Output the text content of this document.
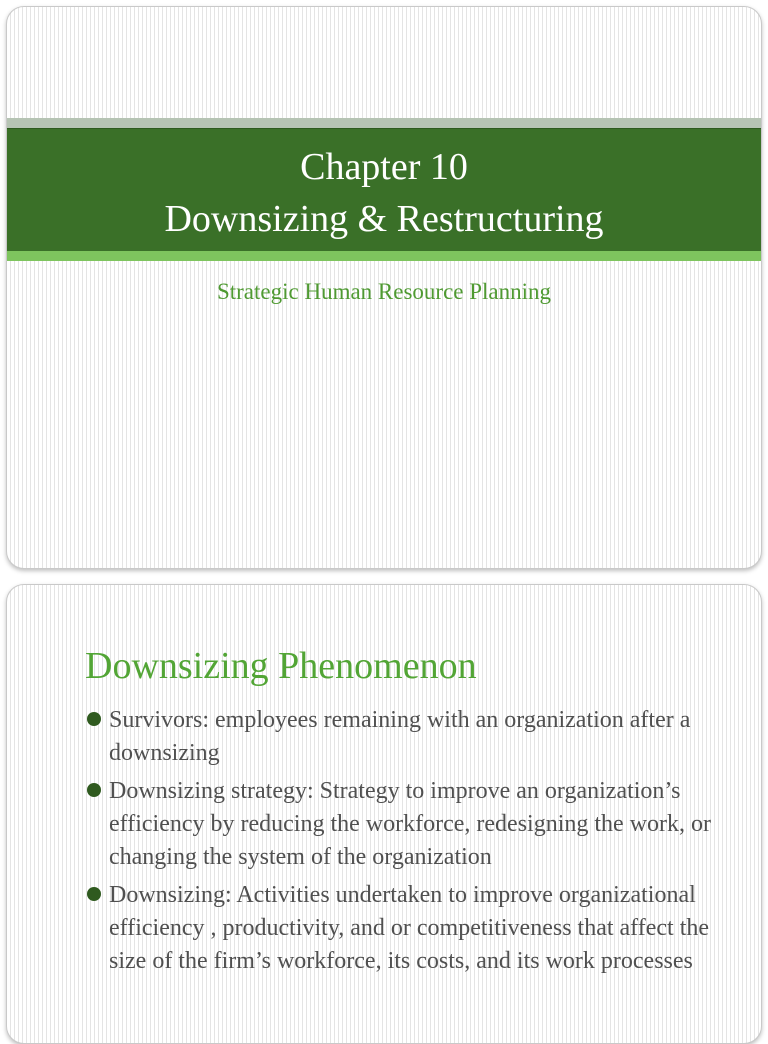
Chapter 10
Downsizing & Restructuring
Strategic Human Resource Planning
Downsizing Phenomenon
Survivors: employees remaining with an organization after a downsizing
Downsizing strategy: Strategy to improve an organization’s efficiency by reducing the workforce, redesigning the work, or changing the system of the organization
Downsizing: Activities undertaken to improve organizational efficiency , productivity, and or competitiveness that affect the size of the firm’s workforce, its costs, and its work processes
